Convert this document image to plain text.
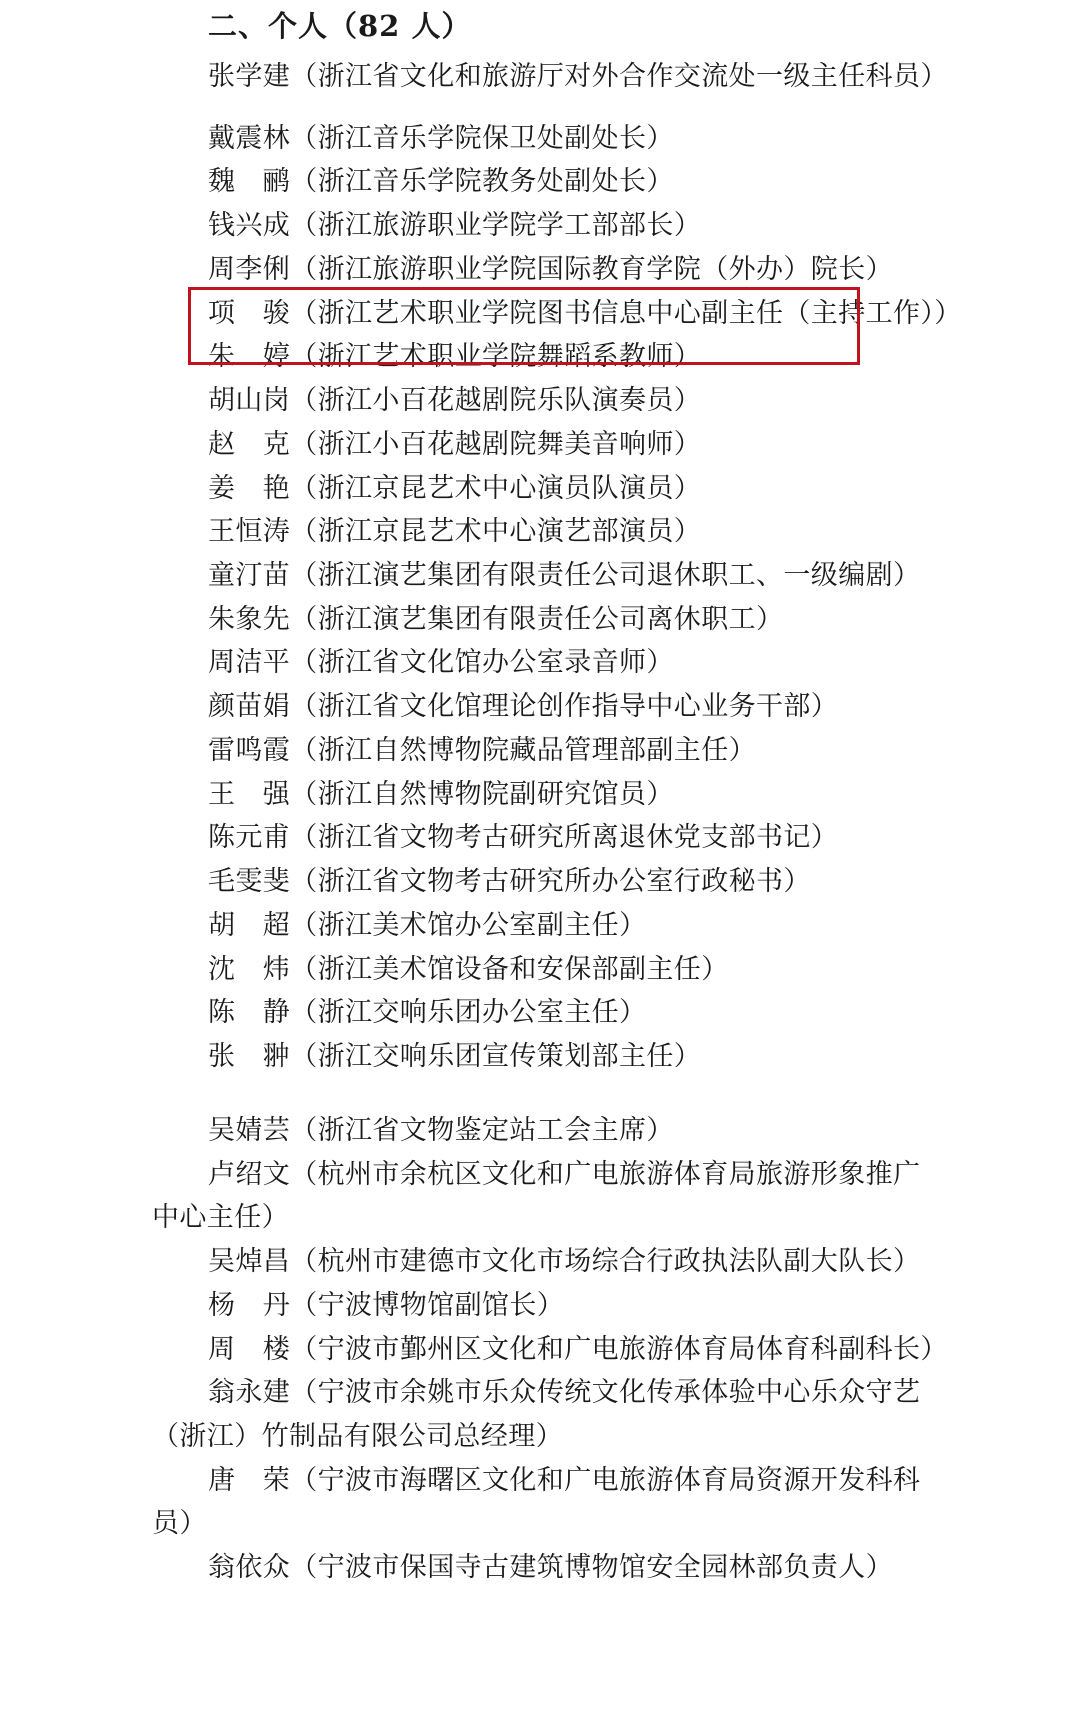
二、个人（82 人）
张学建（浙江省文化和旅游厅对外合作交流处一级主任科员）
戴震林（浙江音乐学院保卫处副处长）
魏　鹂（浙江音乐学院教务处副处长）
钱兴成（浙江旅游职业学院学工部部长）
周李俐（浙江旅游职业学院国际教育学院（外办）院长）
项　骏（浙江艺术职业学院图书信息中心副主任（主持工作））
朱　婷（浙江艺术职业学院舞蹈系教师）
胡山岗（浙江小百花越剧院乐队演奏员）
赵　克（浙江小百花越剧院舞美音响师）
姜　艳（浙江京昆艺术中心演员队演员）
王恒涛（浙江京昆艺术中心演艺部演员）
童汀苗（浙江演艺集团有限责任公司退休职工、一级编剧）
朱象先（浙江演艺集团有限责任公司离休职工）
周洁平（浙江省文化馆办公室录音师）
颜苗娟（浙江省文化馆理论创作指导中心业务干部）
雷鸣霞（浙江自然博物院藏品管理部副主任）
王　强（浙江自然博物院副研究馆员）
陈元甫（浙江省文物考古研究所离退休党支部书记）
毛雯斐（浙江省文物考古研究所办公室行政秘书）
胡　超（浙江美术馆办公室副主任）
沈　炜（浙江美术馆设备和安保部副主任）
陈　静（浙江交响乐团办公室主任）
张　翀（浙江交响乐团宣传策划部主任）
吴婧芸（浙江省文物鉴定站工会主席）
卢绍文（杭州市余杭区文化和广电旅游体育局旅游形象推广
中心主任）
吴焯昌（杭州市建德市文化市场综合行政执法队副大队长）
杨　丹（宁波博物馆副馆长）
周　楼（宁波市鄞州区文化和广电旅游体育局体育科副科长）
翁永建（宁波市余姚市乐众传统文化传承体验中心乐众守艺
（浙江）竹制品有限公司总经理）
唐　荣（宁波市海曙区文化和广电旅游体育局资源开发科科
员）
翁依众（宁波市保国寺古建筑博物馆安全园林部负责人）
